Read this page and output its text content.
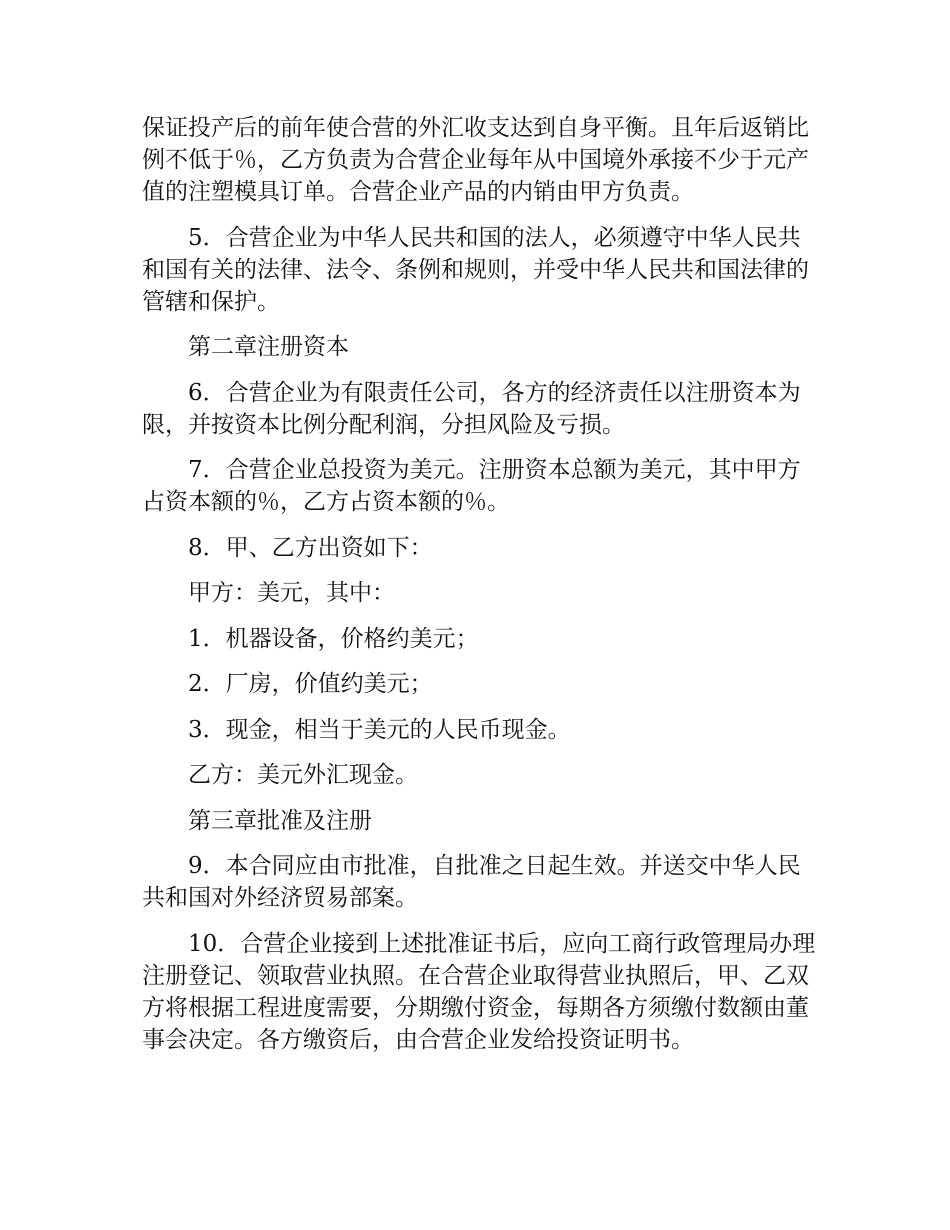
保证投产后的前年使合营的外汇收支达到自身平衡。且年后返销比例不低于％，乙方负责为合营企业每年从中国境外承接不少于元产值的注塑模具订单。合营企业产品的内销由甲方负责。

5．合营企业为中华人民共和国的法人，必须遵守中华人民共和国有关的法律、法令、条例和规则，并受中华人民共和国法律的管辖和保护。

第二章注册资本

6．合营企业为有限责任公司，各方的经济责任以注册资本为限，并按资本比例分配利润，分担风险及亏损。

7．合营企业总投资为美元。注册资本总额为美元，其中甲方占资本额的％，乙方占资本额的％。

8．甲、乙方出资如下：

甲方：美元，其中：

1．机器设备，价格约美元；

2．厂房，价值约美元；

3．现金，相当于美元的人民币现金。

乙方：美元外汇现金。

第三章批准及注册

9．本合同应由市批准，自批准之日起生效。并送交中华人民共和国对外经济贸易部案。

10．合营企业接到上述批准证书后，应向工商行政管理局办理注册登记、领取营业执照。在合营企业取得营业执照后，甲、乙双方将根据工程进度需要，分期缴付资金，每期各方须缴付数额由董事会决定。各方缴资后，由合营企业发给投资证明书。
